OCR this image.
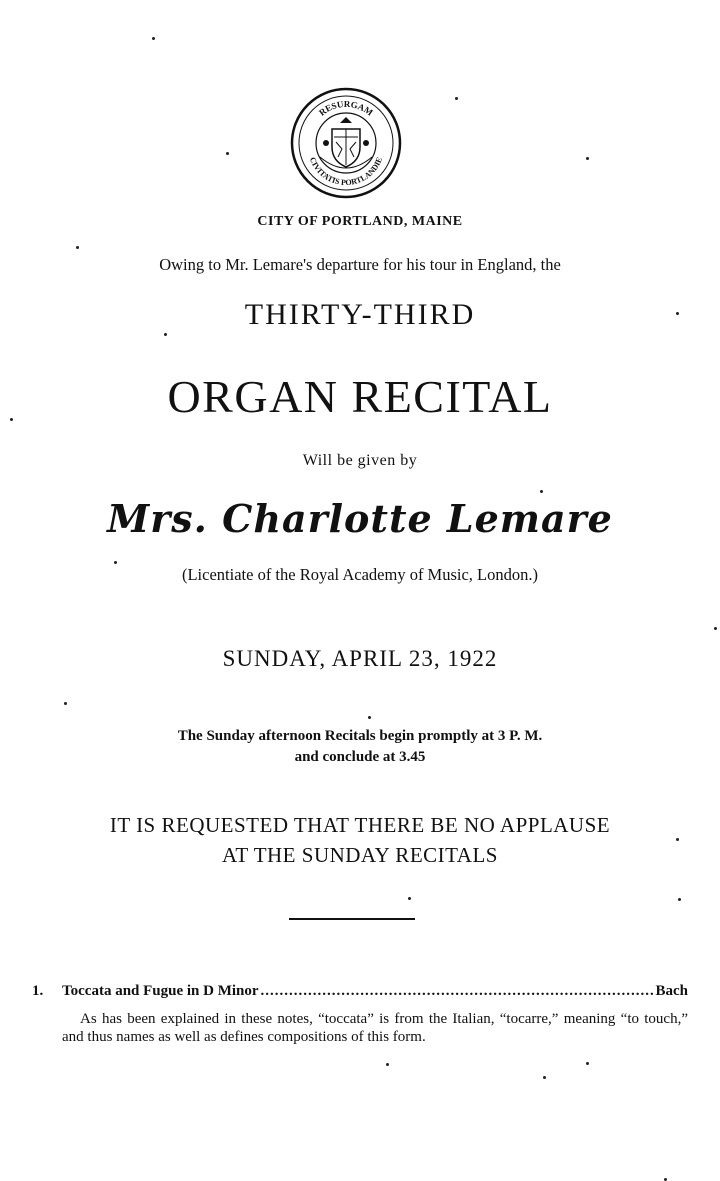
RESURGAM
CIVITATIS PORTLANDIE
CITY OF PORTLAND, MAINE
Owing to Mr. Lemare's departure for his tour in England, the
THIRTY-THIRD
ORGAN RECITAL
Will be given by
Mrs. Charlotte Lemare
(Licentiate of the Royal Academy of Music, London.)
SUNDAY, APRIL 23, 1922
The Sunday afternoon Recitals begin promptly at 3 P. M.
and conclude at 3.45
IT IS REQUESTED THAT THERE BE NO APPLAUSE
AT THE SUNDAY RECITALS
1.	Toccata and Fugue in D Minor
.....	Bach
As has been explained in these notes, “toccata” is from the Italian, “tocarre,” meaning “to touch,” and thus names as well as defines compositions of this form.
